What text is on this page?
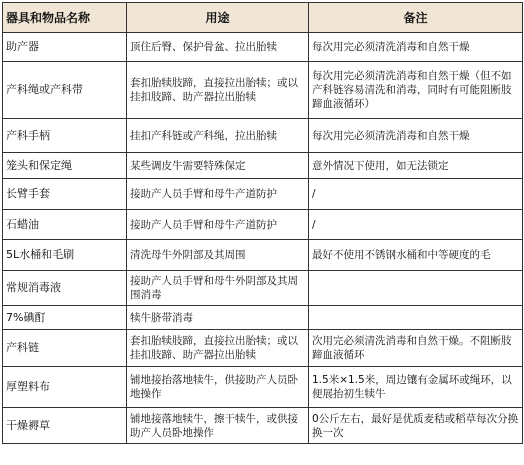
器具和物品名称	用途	备注
助产器	顶住后臀、保护骨盆、拉出胎犊	每次用完必须清洗消毒和自然干燥
产科绳或产科带	套扣胎犊肢蹄，直接拉出胎犊；或以挂扣肢蹄、助产器拉出胎犊	每次用完必须清洗消毒和自然干燥（但不如产科链容易清洗和消毒，同时有可能阻断肢蹄血液循环）
产科手柄	挂扣产科链或产科绳，拉出胎犊	每次用完必须清洗消毒和自然干燥
笼头和保定绳	某些调皮牛需要特殊保定	意外情况下使用，如无法锁定
长臂手套	接助产人员手臂和母牛产道防护	/
石蜡油	接助产人员手臂和母牛产道防护	/
5L水桶和毛刷	清洗母牛外阴部及其周围	最好不使用不锈钢水桶和中等硬度的毛
常规消毒液	接助产人员手臂和母牛外阴部及其周围消毒	
7%碘酊	犊牛脐带消毒	
产科链	套扣胎犊肢蹄，直接拉出胎犊；或以挂扣肢蹄、助产器拉出胎犊	次用完必须清洗消毒和自然干燥。不阻断肢蹄血液循环
厚塑料布	铺地接抬落地犊牛，供接助产人员卧地操作	1.5米×1.5米，周边镶有金属环或绳环，以便展抬初生犊牛
干燥褥草	铺地接落地犊牛，擦干犊牛，或供接助产人员卧地操作	0公斤左右，最好是优质麦秸或稻草每次分换换一次
